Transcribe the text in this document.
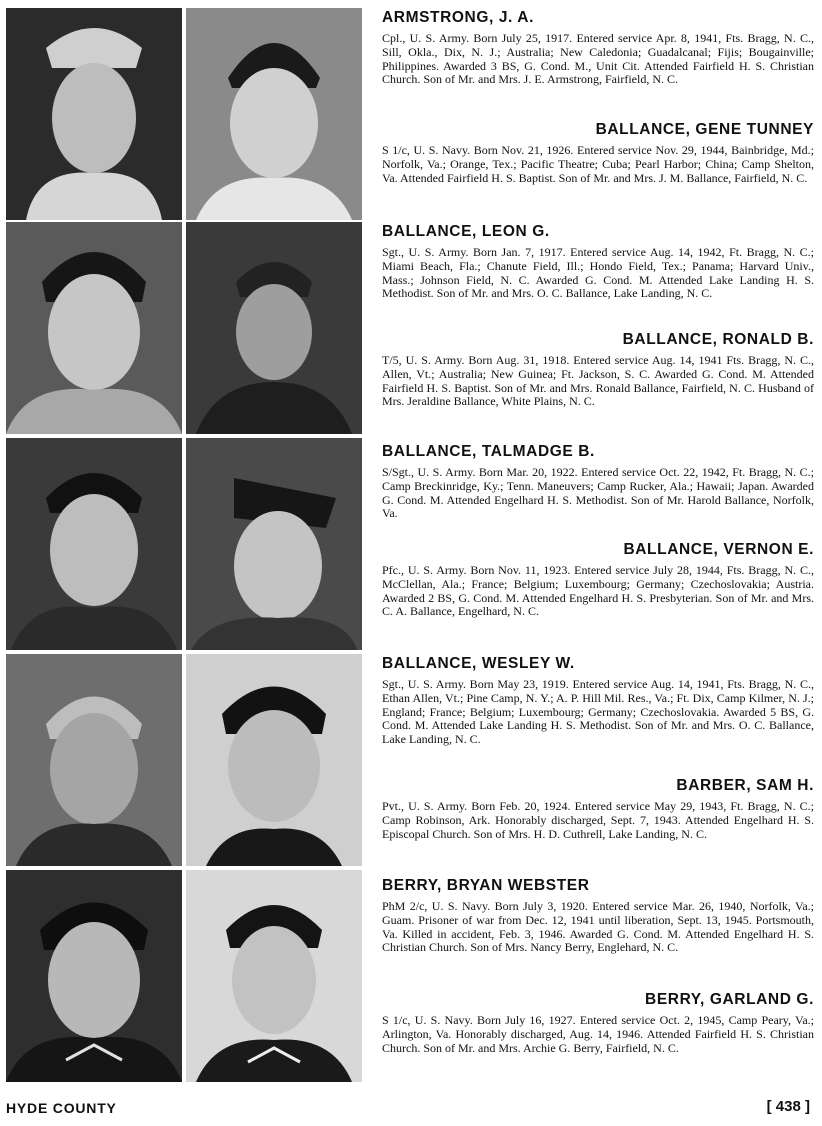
ARMSTRONG, J. A.

Cpl., U. S. Army. Born July 25, 1917. Entered service Apr. 8, 1941, Fts. Bragg, N. C., Sill, Okla., Dix, N. J.; Australia; New Caledonia; Guadalcanal; Fijis; Bougainville; Philippines. Awarded 3 BS, G. Cond. M., Unit Cit. Attended Fairfield H. S. Christian Church. Son of Mr. and Mrs. J. E. Armstrong, Fairfield, N. C.

BALLANCE, GENE TUNNEY

S 1/c, U. S. Navy. Born Nov. 21, 1926. Entered service Nov. 29, 1944, Bainbridge, Md.; Norfolk, Va.; Orange, Tex.; Pacific Theatre; Cuba; Pearl Harbor; China; Camp Shelton, Va. Attended Fairfield H. S. Baptist. Son of Mr. and Mrs. J. M. Ballance, Fairfield, N. C.

BALLANCE, LEON G.

Sgt., U. S. Army. Born Jan. 7, 1917. Entered service Aug. 14, 1942, Ft. Bragg, N. C.; Miami Beach, Fla.; Chanute Field, Ill.; Hondo Field, Tex.; Panama; Harvard Univ., Mass.; Johnson Field, N. C. Awarded G. Cond. M. Attended Lake Landing H. S. Methodist. Son of Mr. and Mrs. O. C. Ballance, Lake Landing, N. C.

BALLANCE, RONALD B.

T/5, U. S. Army. Born Aug. 31, 1918. Entered service Aug. 14, 1941 Fts. Bragg, N. C., Allen, Vt.; Australia; New Guinea; Ft. Jackson, S. C. Awarded G. Cond. M. Attended Fairfield H. S. Baptist. Son of Mr. and Mrs. Ronald Ballance, Fairfield, N. C. Husband of Mrs. Jeraldine Ballance, White Plains, N. C.

BALLANCE, TALMADGE B.

S/Sgt., U. S. Army. Born Mar. 20, 1922. Entered service Oct. 22, 1942, Ft. Bragg, N. C.; Camp Breckinridge, Ky.; Tenn. Maneuvers; Camp Rucker, Ala.; Hawaii; Japan. Awarded G. Cond. M. Attended Engelhard H. S. Methodist. Son of Mr. Harold Ballance, Norfolk, Va.

BALLANCE, VERNON E.

Pfc., U. S. Army. Born Nov. 11, 1923. Entered service July 28, 1944, Fts. Bragg, N. C., McClellan, Ala.; France; Belgium; Luxembourg; Germany; Czechoslovakia; Austria. Awarded 2 BS, G. Cond. M. Attended Engelhard H. S. Presbyterian. Son of Mr. and Mrs. C. A. Ballance, Engelhard, N. C.

BALLANCE, WESLEY W.

Sgt., U. S. Army. Born May 23, 1919. Entered service Aug. 14, 1941, Fts. Bragg, N. C., Ethan Allen, Vt.; Pine Camp, N. Y.; A. P. Hill Mil. Res., Va.; Ft. Dix, Camp Kilmer, N. J.; England; France; Belgium; Luxembourg; Germany; Czechoslovakia. Awarded 5 BS, G. Cond. M. Attended Lake Landing H. S. Methodist. Son of Mr. and Mrs. O. C. Ballance, Lake Landing, N. C.

BARBER, SAM H.

Pvt., U. S. Army. Born Feb. 20, 1924. Entered service May 29, 1943, Ft. Bragg, N. C.; Camp Robinson, Ark. Honorably discharged, Sept. 7, 1943. Attended Engelhard H. S. Episcopal Church. Son of Mrs. H. D. Cuthrell, Lake Landing, N. C.

BERRY, BRYAN WEBSTER

PhM 2/c, U. S. Navy. Born July 3, 1920. Entered service Mar. 26, 1940, Norfolk, Va.; Guam. Prisoner of war from Dec. 12, 1941 until liberation, Sept. 13, 1945. Portsmouth, Va. Killed in accident, Feb. 3, 1946. Awarded G. Cond. M. Attended Engelhard H. S. Christian Church. Son of Mrs. Nancy Berry, Englehard, N. C.

BERRY, GARLAND G.

S 1/c, U. S. Navy. Born July 16, 1927. Entered service Oct. 2, 1945, Camp Peary, Va.; Arlington, Va. Honorably discharged, Aug. 14, 1946. Attended Fairfield H. S. Christian Church. Son of Mr. and Mrs. Archie G. Berry, Fairfield, N. C.

HYDE COUNTY	[ 438 ]
